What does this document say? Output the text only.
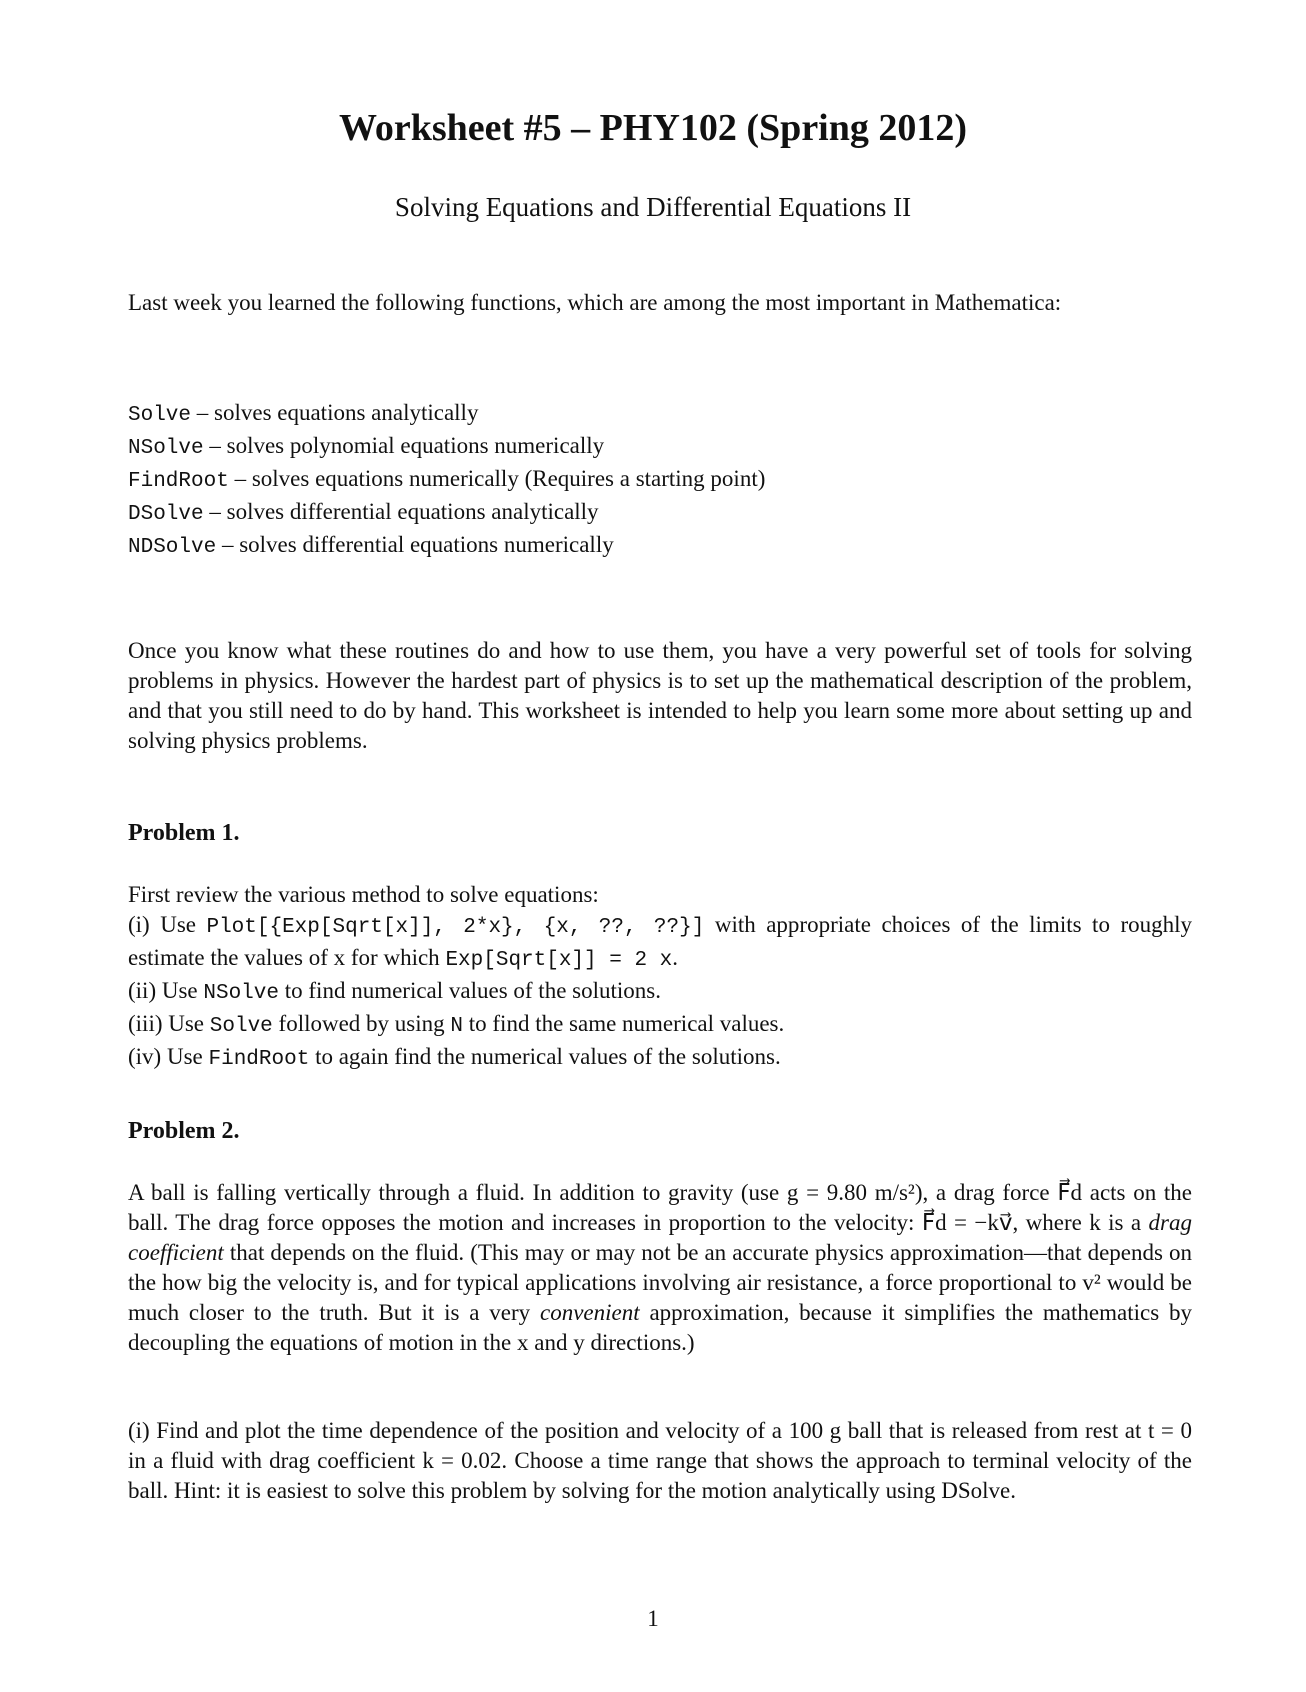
Worksheet #5 – PHY102 (Spring 2012)
Solving Equations and Differential Equations II
Last week you learned the following functions, which are among the most important in Mathematica:
Solve – solves equations analytically
NSolve – solves polynomial equations numerically
FindRoot – solves equations numerically (Requires a starting point)
DSolve – solves differential equations analytically
NDSolve – solves differential equations numerically
Once you know what these routines do and how to use them, you have a very powerful set of tools for solving problems in physics. However the hardest part of physics is to set up the mathematical description of the problem, and that you still need to do by hand. This worksheet is intended to help you learn some more about setting up and solving physics problems.
Problem 1.
First review the various method to solve equations:
(i) Use Plot[{Exp[Sqrt[x]], 2*x}, {x, ??, ??}] with appropriate choices of the limits to roughly estimate the values of x for which Exp[Sqrt[x]] = 2 x.
(ii) Use NSolve to find numerical values of the solutions.
(iii) Use Solve followed by using N to find the same numerical values.
(iv) Use FindRoot to again find the numerical values of the solutions.
Problem 2.
A ball is falling vertically through a fluid. In addition to gravity (use g = 9.80 m/s²), a drag force F⃗d acts on the ball. The drag force opposes the motion and increases in proportion to the velocity: F⃗d = −kv⃗, where k is a drag coefficient that depends on the fluid. (This may or may not be an accurate physics approximation—that depends on the how big the velocity is, and for typical applications involving air resistance, a force proportional to v² would be much closer to the truth. But it is a very convenient approximation, because it simplifies the mathematics by decoupling the equations of motion in the x and y directions.)
(i) Find and plot the time dependence of the position and velocity of a 100 g ball that is released from rest at t = 0 in a fluid with drag coefficient k = 0.02. Choose a time range that shows the approach to terminal velocity of the ball. Hint: it is easiest to solve this problem by solving for the motion analytically using DSolve.
1
